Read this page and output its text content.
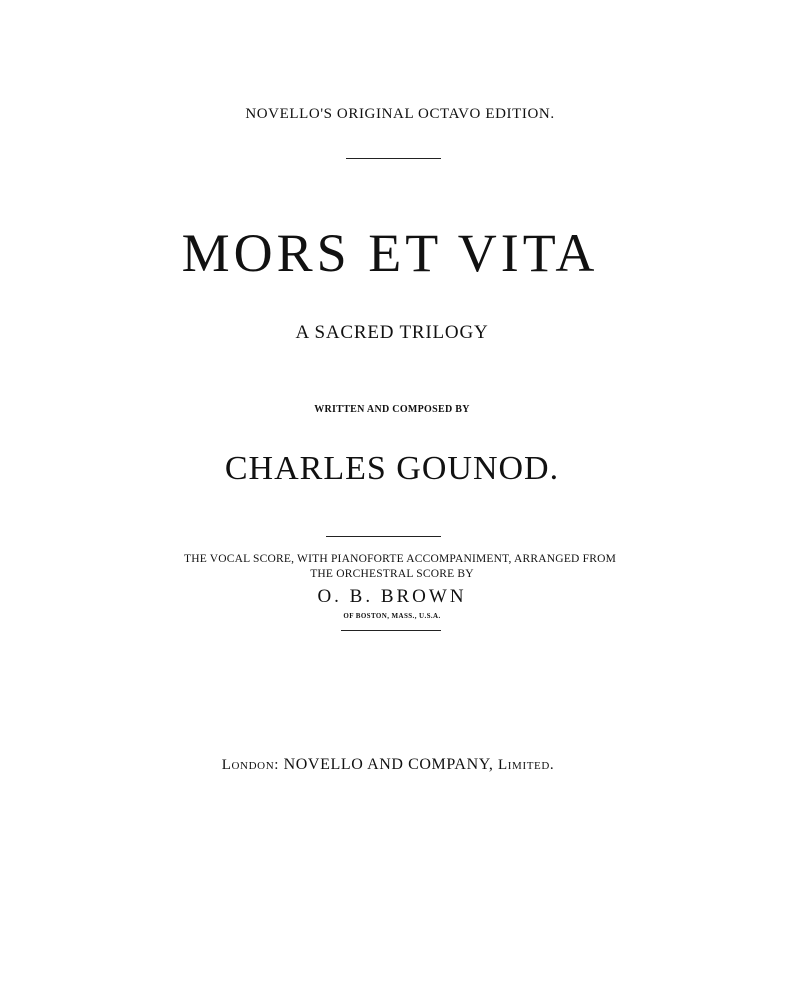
NOVELLO'S ORIGINAL OCTAVO EDITION.
MORS ET VITA
A SACRED TRILOGY
WRITTEN AND COMPOSED BY
CHARLES GOUNOD.
THE VOCAL SCORE, WITH PIANOFORTE ACCOMPANIMENT, ARRANGED FROM
THE ORCHESTRAL SCORE BY
O. B. BROWN
OF BOSTON, MASS., U.S.A.
London: NOVELLO AND COMPANY, Limited.
